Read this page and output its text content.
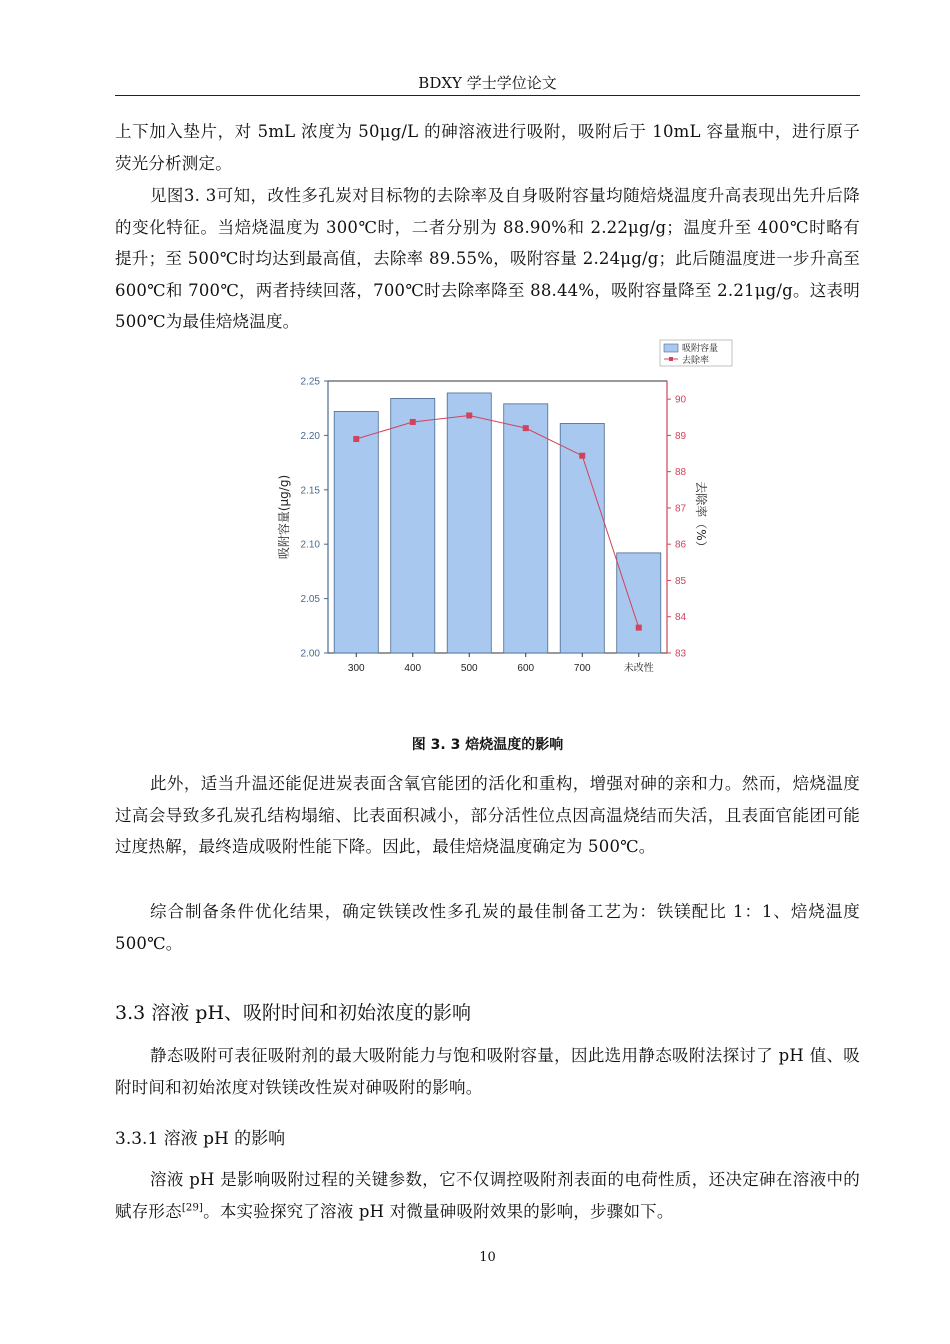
BDXY 学士学位论文

上下加入垫片，对 5mL 浓度为 50μg/L 的砷溶液进行吸附，吸附后于 10mL 容量瓶中，进行原子荧光分析测定。

见图3. 3可知，改性多孔炭对目标物的去除率及自身吸附容量均随焙烧温度升高表现出先升后降的变化特征。当焙烧温度为 300℃时，二者分别为 88.90%和 2.22μg/g；温度升至 400℃时略有提升；至 500℃时均达到最高值，去除率 89.55%，吸附容量 2.24μg/g；此后随温度进一步升高至 600℃和 700℃，两者持续回落，700℃时去除率降至 88.44%，吸附容量降至 2.21μg/g。这表明 500℃为最佳焙烧温度。

2.00
2.05
2.10
2.15
2.20
2.25
83
84
85
86
87
88
89
90
300	400	500	600	700	未改性
吸附容量(μg/g)	去除率（%）
吸附容量
去除率
图 3. 3 焙烧温度的影响

此外，适当升温还能促进炭表面含氧官能团的活化和重构，增强对砷的亲和力。然而，焙烧温度过高会导致多孔炭孔结构塌缩、比表面积减小，部分活性位点因高温烧结而失活，且表面官能团可能过度热解，最终造成吸附性能下降。因此，最佳焙烧温度确定为 500℃。

综合制备条件优化结果，确定铁镁改性多孔炭的最佳制备工艺为：铁镁配比 1：1、焙烧温度 500℃。

3.3 溶液 pH、吸附时间和初始浓度的影响

静态吸附可表征吸附剂的最大吸附能力与饱和吸附容量，因此选用静态吸附法探讨了 pH 值、吸附时间和初始浓度对铁镁改性炭对砷吸附的影响。

3.3.1 溶液 pH 的影响

溶液 pH 是影响吸附过程的关键参数，它不仅调控吸附剂表面的电荷性质，还决定砷在溶液中的赋存形态[29]。本实验探究了溶液 pH 对微量砷吸附效果的影响，步骤如下。

10
